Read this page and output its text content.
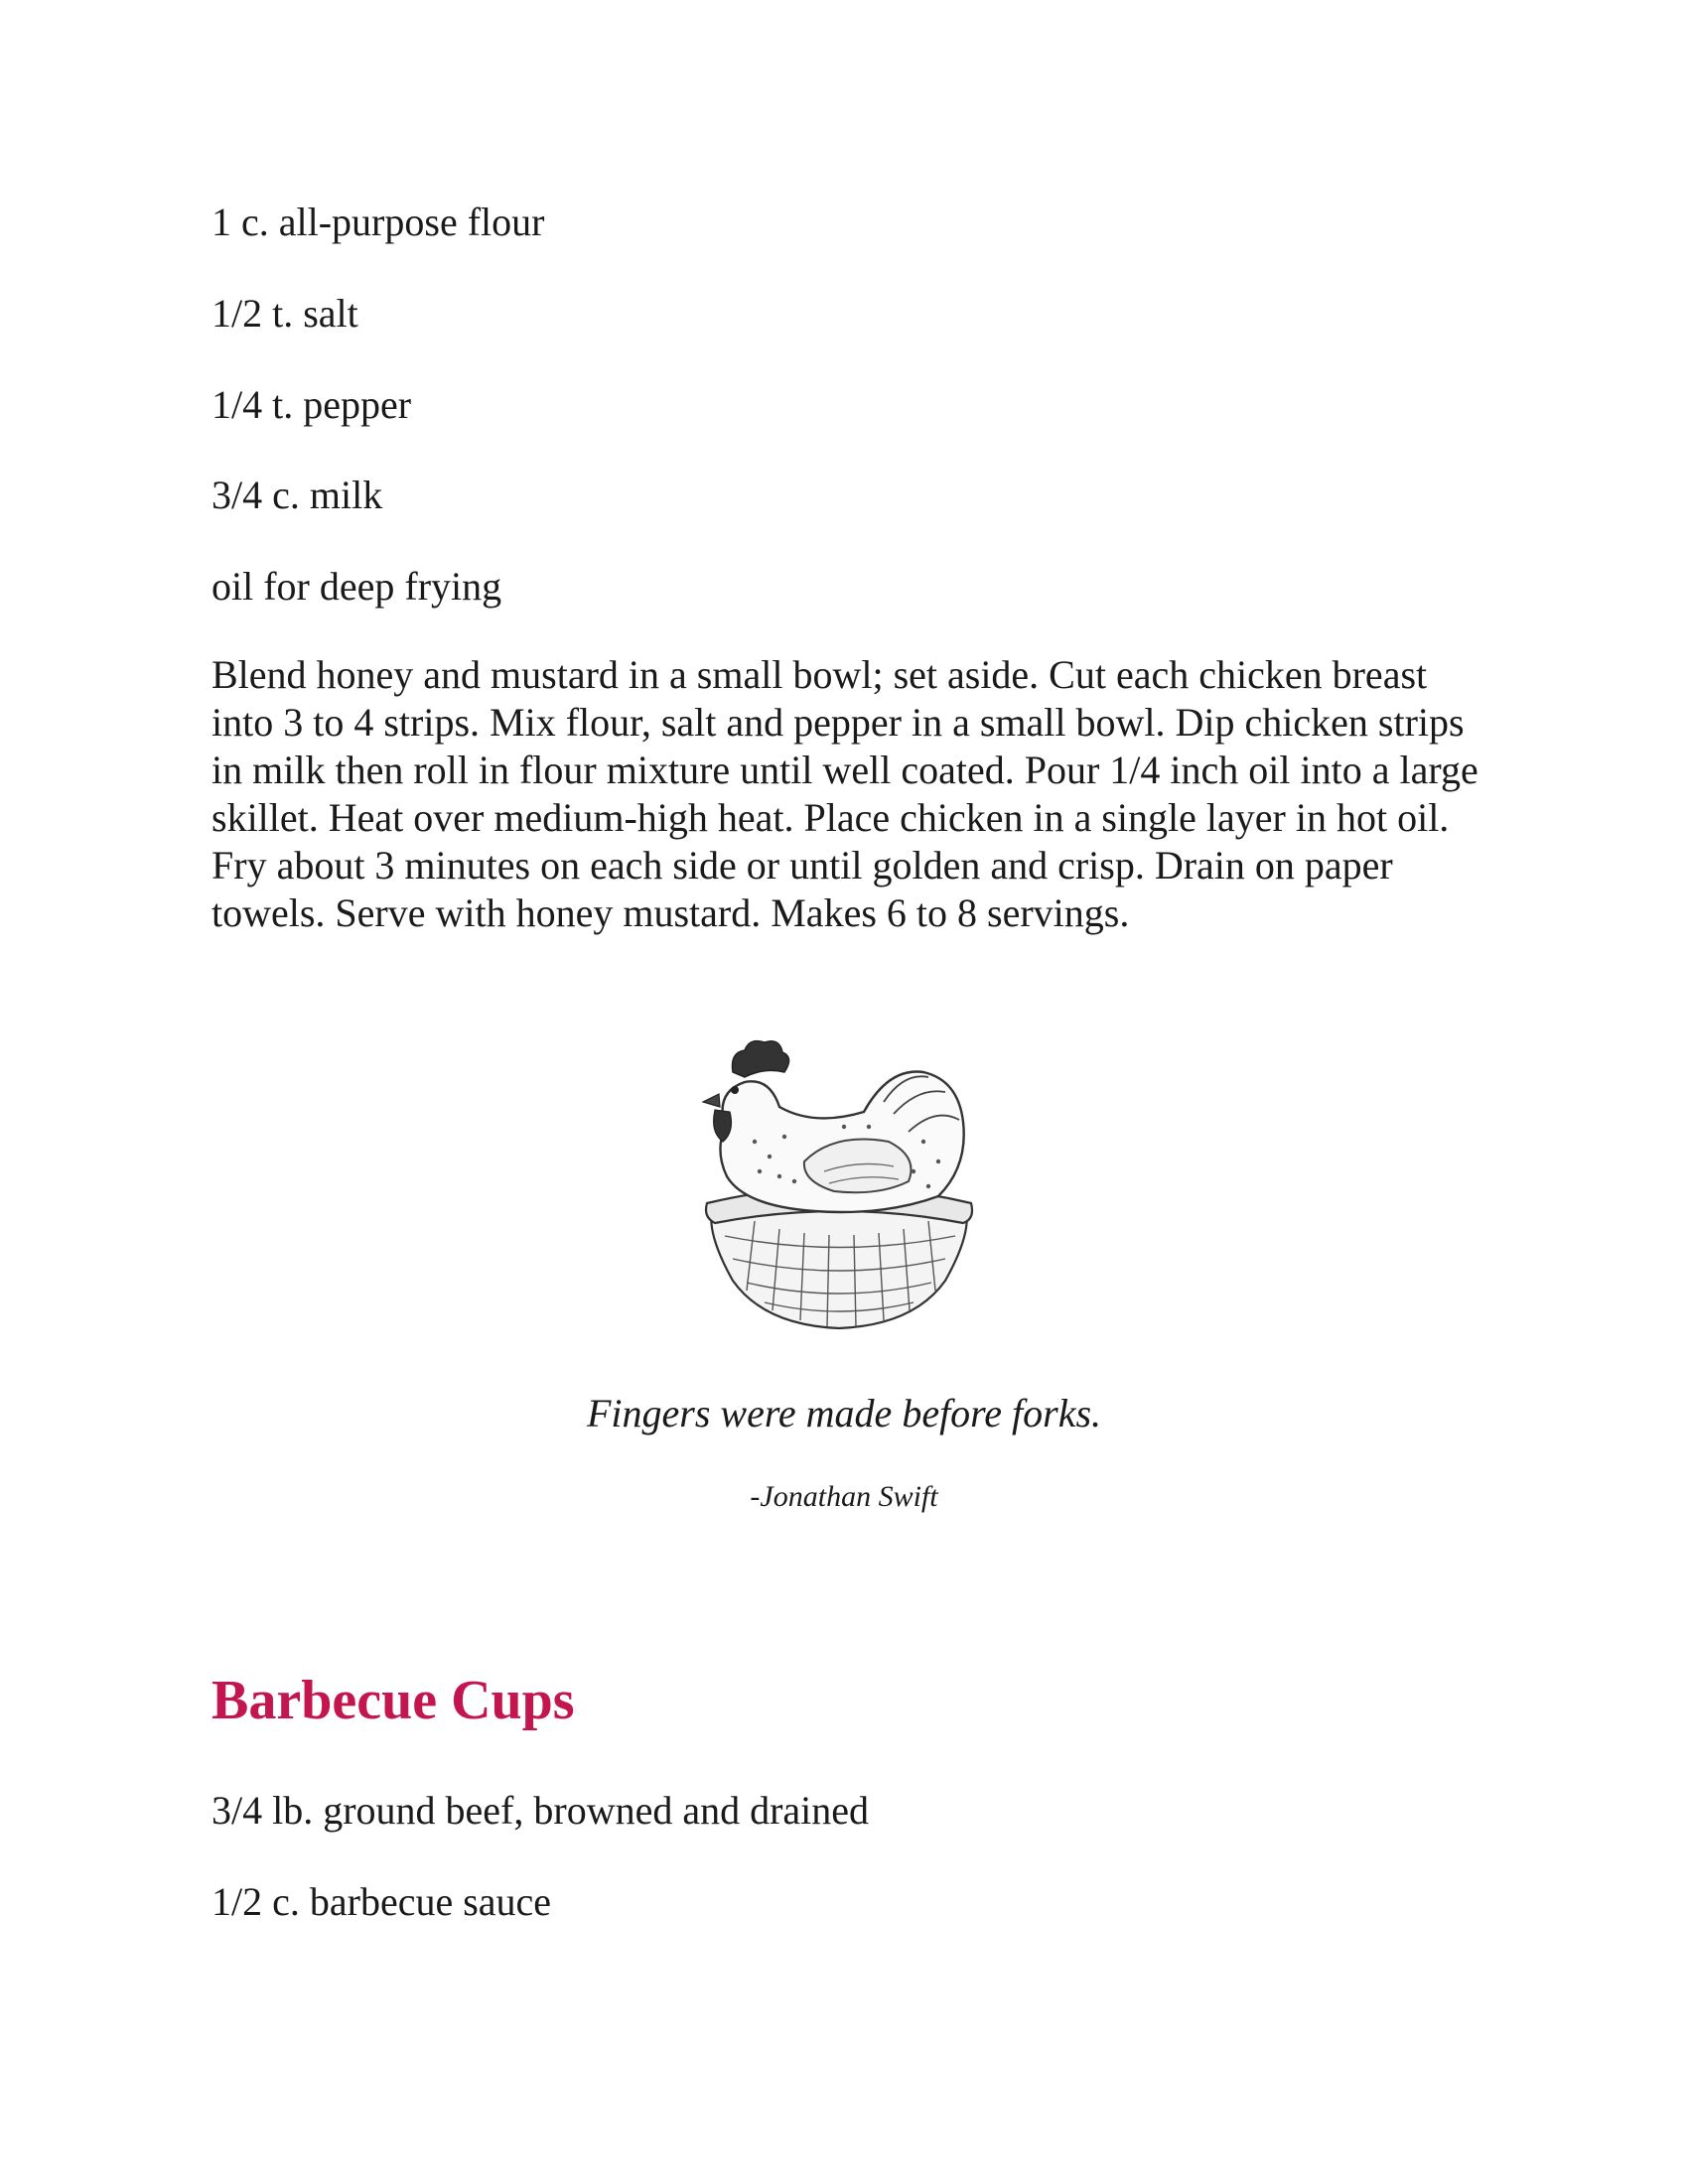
1 c. all-purpose flour

1/2 t. salt

1/4 t. pepper

3/4 c. milk

oil for deep frying

Blend honey and mustard in a small bowl; set aside. Cut each chicken breast into 3 to 4 strips. Mix flour, salt and pepper in a small bowl. Dip chicken strips in milk then roll in flour mixture until well coated. Pour 1/4 inch oil into a large skillet. Heat over medium-high heat. Place chicken in a single layer in hot oil. Fry about 3 minutes on each side or until golden and crisp. Drain on paper towels. Serve with honey mustard. Makes 6 to 8 servings.

Fingers were made before forks.

-Jonathan Swift

Barbecue Cups

3/4 lb. ground beef, browned and drained

1/2 c. barbecue sauce
